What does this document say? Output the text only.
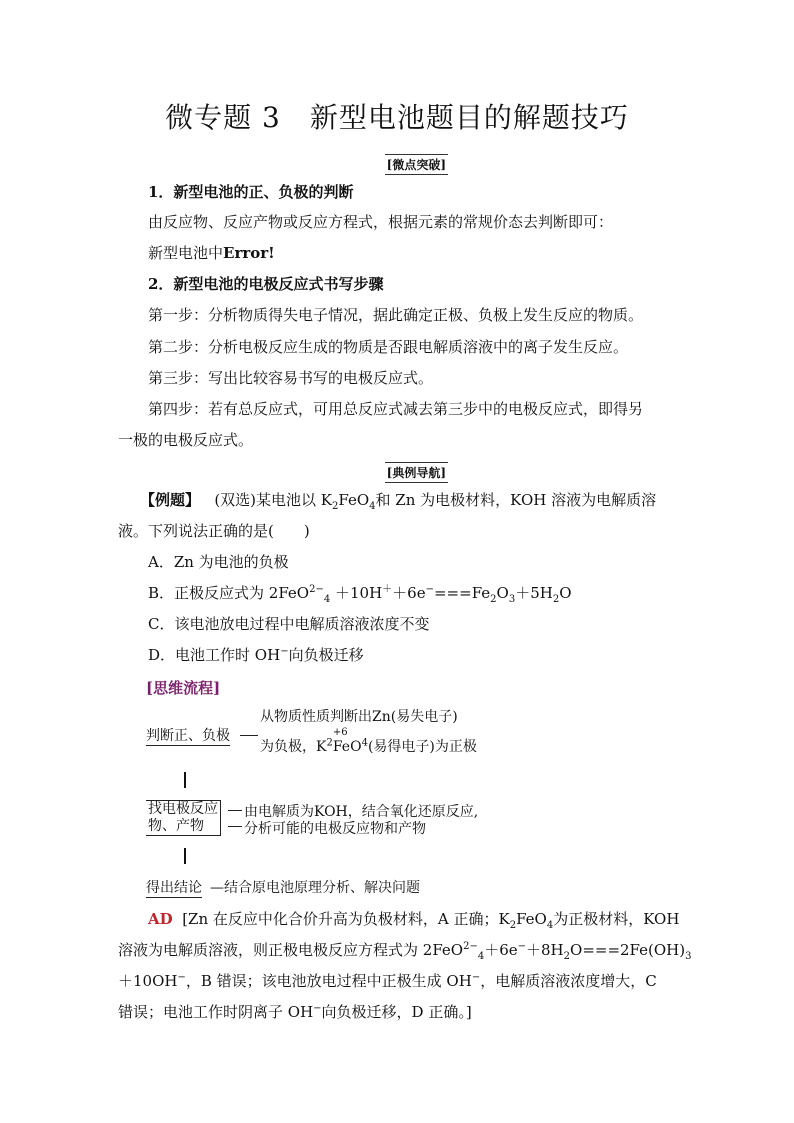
微专题 3　新型电池题目的解题技巧
[微点突破]
1．新型电池的正、负极的判断
由反应物、反应产物或反应方程式，根据元素的常规价态去判断即可：
新型电池中Error!
2．新型电池的电极反应式书写步骤
第一步：分析物质得失电子情况，据此确定正极、负极上发生反应的物质。
第二步：分析电极反应生成的物质是否跟电解质溶液中的离子发生反应。
第三步：写出比较容易书写的电极反应式。
第四步：若有总反应式，可用总反应式减去第三步中的电极反应式，即得另
一极的电极反应式。
[典例导航]
【例题】 (双选)某电池以 $K_2FeO_4$和 Zn 为电极材料，KOH 溶液为电解质溶
液。下列说法正确的是(　　)
A．Zn 为电池的负极
B．正极反应式为 $2FeO^{2-}_4 +10H^++6e^-===Fe_2O_3+5H_2O$
C．该电池放电过程中电解质溶液浓度不变
D．电池工作时 OH−向负极迁移
[思维流程]
判断正、负极
从物质性质判断出Zn(易失电子)
为负极，$K^2$
+6
FeO$^4$(易得电子)为正极
找电极反应
物、产物
由电解质为KOH，结合氧化还原反应,
分析可能的电极反应物和产物
得出结论 —结合原电池原理分析、解决问题
AD [Zn 在反应中化合价升高为负极材料，A 正确；$K_2FeO_4$为正极材料，KOH
溶液为电解质溶液，则正极电极反应方程式为 $2FeO^{2-}_4+6e^-+8H_2O===2Fe(OH)_3$
＋10OH−，B 错误；该电池放电过程中正极生成 OH−，电解质溶液浓度增大，C
错误；电池工作时阴离子 OH−向负极迁移，D 正确。]
